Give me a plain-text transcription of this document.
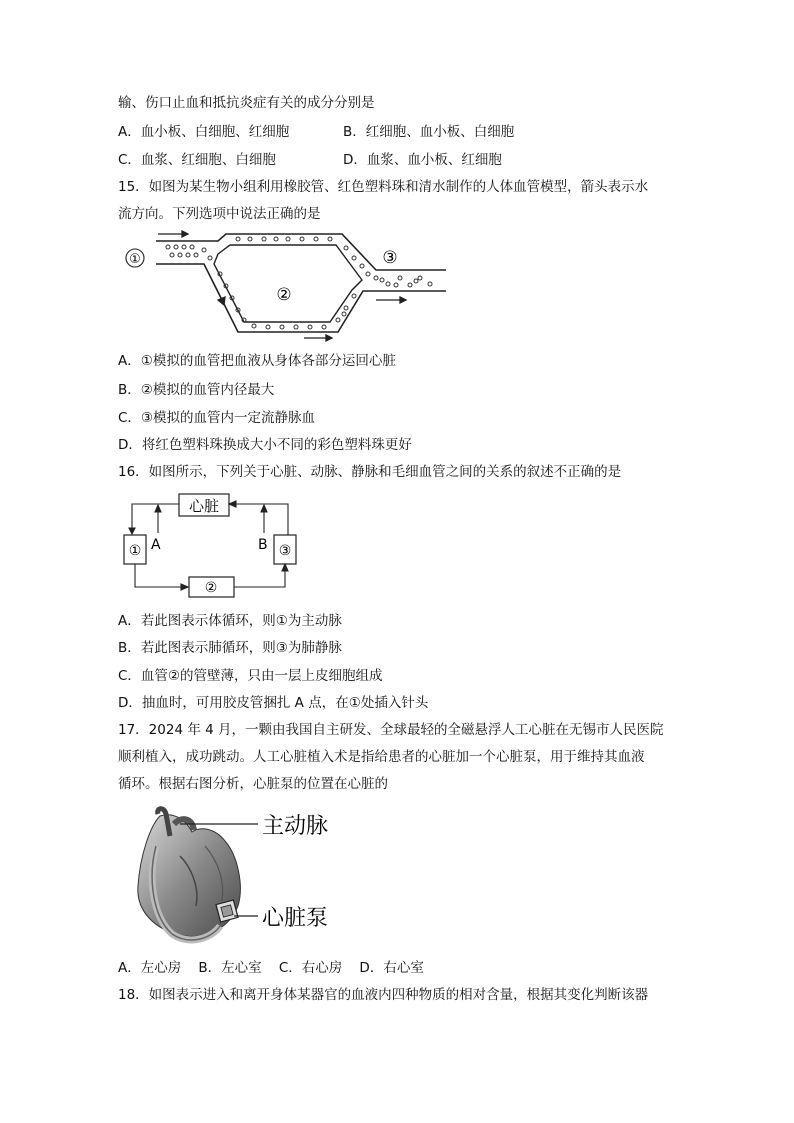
输、伤口止血和抵抗炎症有关的成分分别是
A．血小板、白细胞、红细胞	B．红细胞、血小板、白细胞
C．血浆、红细胞、白细胞	D．血浆、血小板、红细胞
15．如图为某生物小组利用橡胶管、红色塑料珠和清水制作的人体血管模型，箭头表示水
流方向。下列选项中说法正确的是
①
②
③
A．①模拟的血管把血液从身体各部分运回心脏
B．②模拟的血管内径最大
C．③模拟的血管内一定流静脉血
D．将红色塑料珠换成大小不同的彩色塑料珠更好
16．如图所示，下列关于心脏、动脉、静脉和毛细血管之间的关系的叙述不正确的是
心脏
①
②
③
A	B
A．若此图表示体循环，则①为主动脉
B．若此图表示肺循环，则③为肺静脉
C．血管②的管壁薄，只由一层上皮细胞组成
D．抽血时，可用胶皮管捆扎 A 点，在①处插入针头
17．2024 年 4 月，一颗由我国自主研发、全球最轻的全磁悬浮人工心脏在无锡市人民医院
顺利植入，成功跳动。人工心脏植入术是指给患者的心脏加一个心脏泵，用于维持其血液
循环。根据右图分析，心脏泵的位置在心脏的
主动脉
心脏泵
A．左心房    B．左心室    C．右心房    D．右心室
18．如图表示进入和离开身体某器官的血液内四种物质的相对含量，根据其变化判断该器
